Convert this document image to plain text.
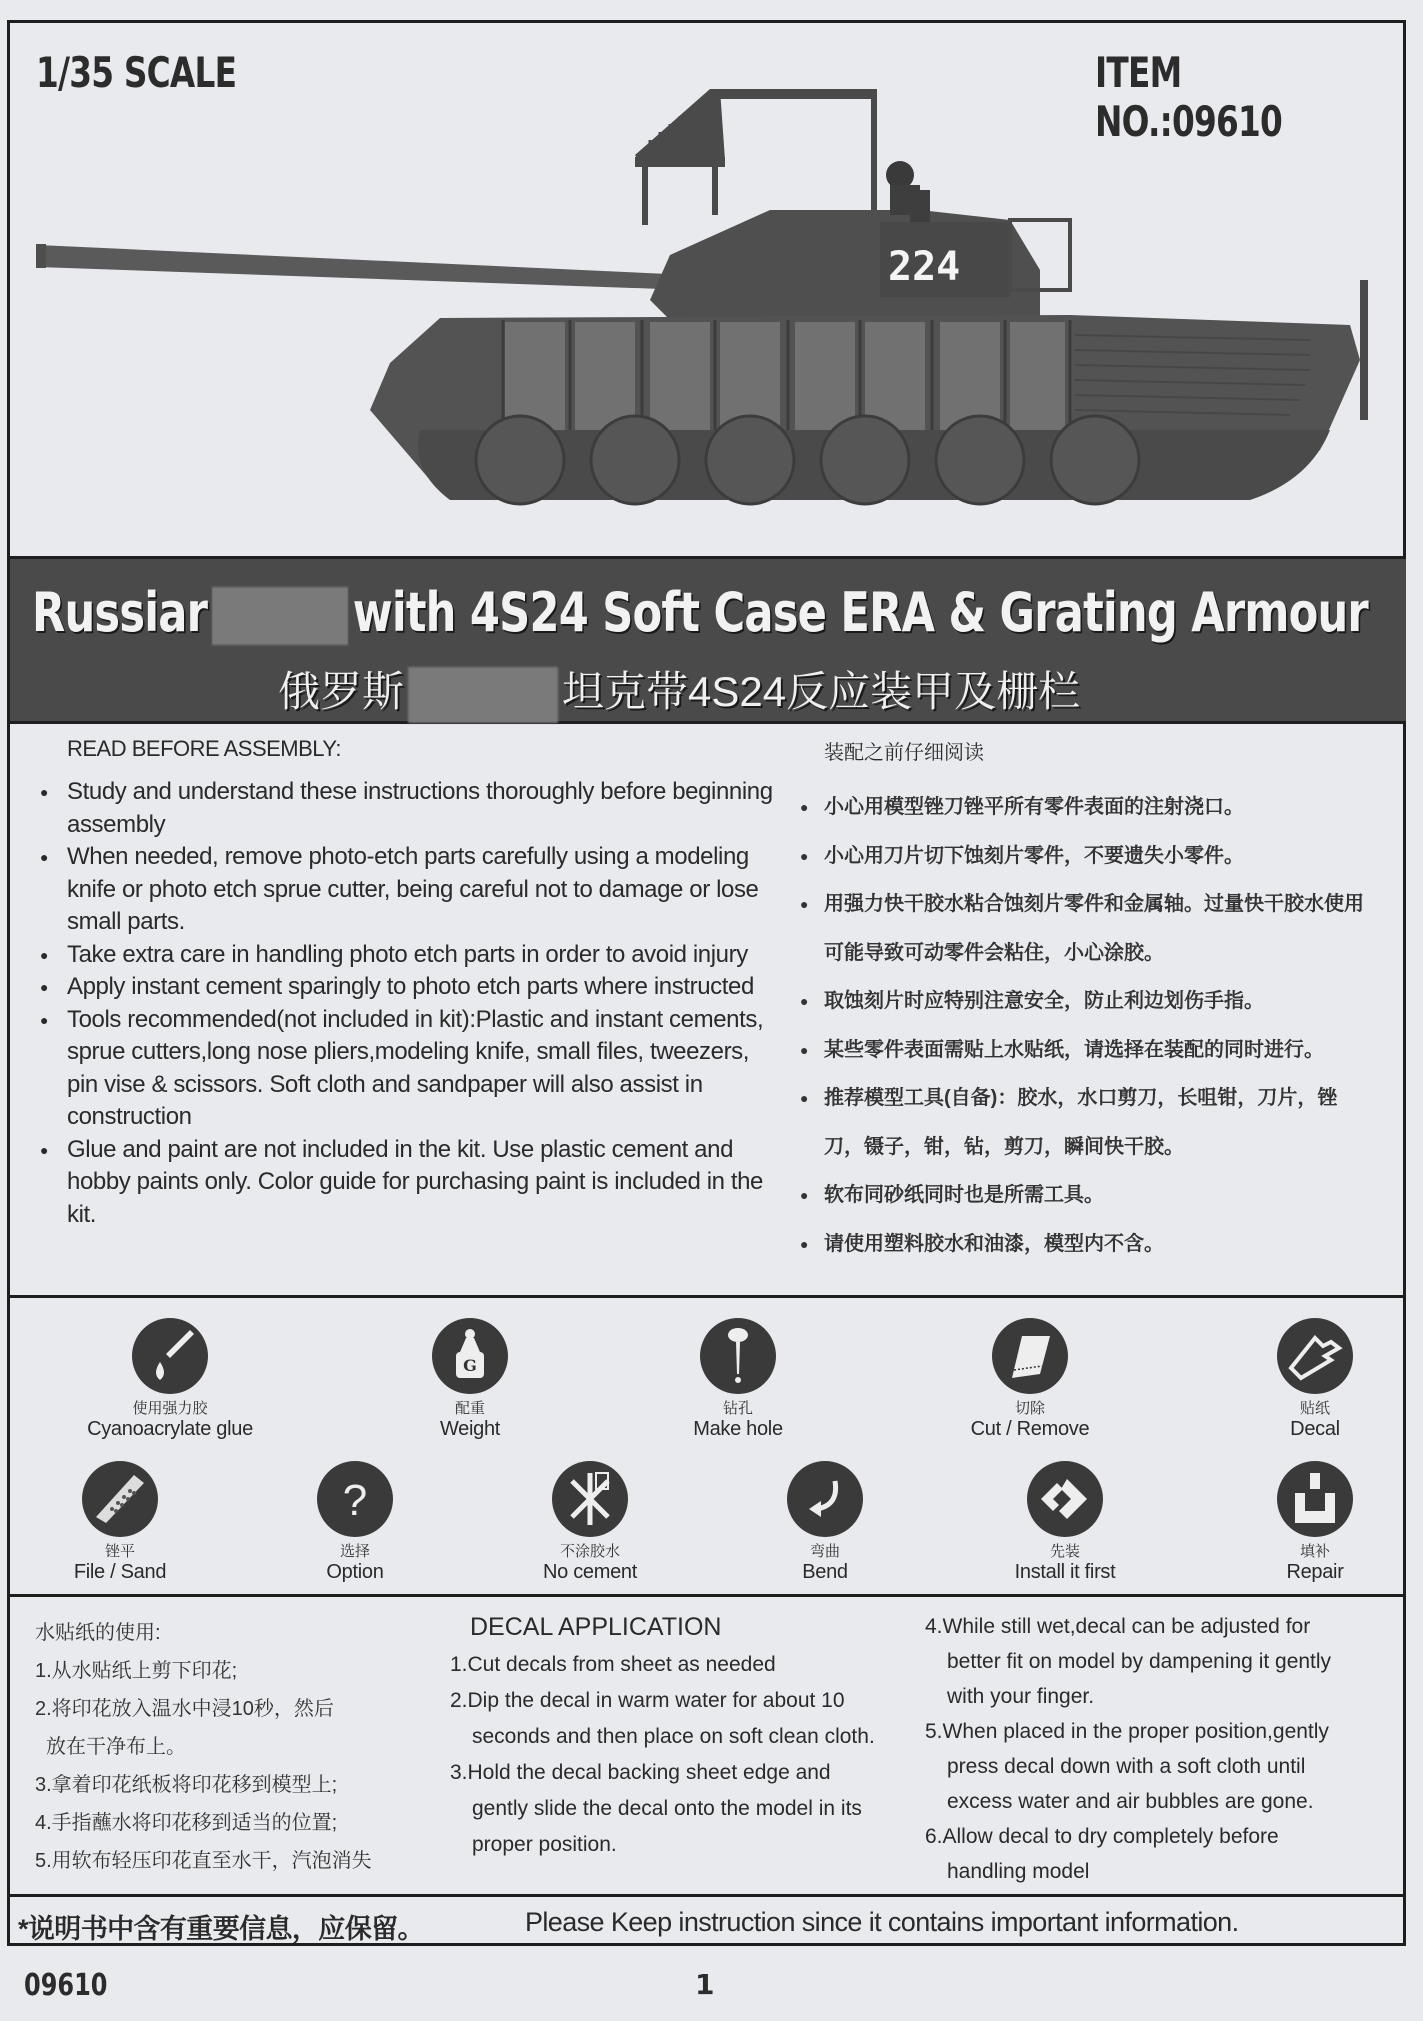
1/35 SCALE	ITEM NO.:09610
224
Russiar	with 4S24 Soft Case ERA & Grating Armour
俄罗斯	坦克带4S24反应装甲及栅栏
READ BEFORE ASSEMBLY:
● Study and understand these instructions thoroughly before beginning assembly
● When needed, remove photo-etch parts carefully using a modeling knife or photo etch sprue cutter, being careful not to damage or lose small parts.
● Take extra care in handling photo etch parts in order to avoid injury
● Apply instant cement sparingly to photo etch parts where instructed
● Tools recommended(not included in kit):Plastic and instant cements, sprue cutters,long nose pliers,modeling knife, small files, tweezers, pin vise & scissors. Soft cloth and sandpaper will also assist in construction
● Glue and paint are not included in the kit. Use plastic cement and hobby paints only. Color guide for purchasing paint is included in the kit.
装配之前仔细阅读
● 小心用模型锉刀锉平所有零件表面的注射浇口。
● 小心用刀片切下蚀刻片零件，不要遗失小零件。
● 用强力快干胶水粘合蚀刻片零件和金属轴。过量快干胶水使用可能导致可动零件会粘住，小心涂胶。
● 取蚀刻片时应特别注意安全，防止利边划伤手指。
● 某些零件表面需贴上水贴纸，请选择在装配的同时进行。
● 推荐模型工具(自备)：胶水，水口剪刀，长咀钳，刀片，锉刀，镊子，钳，钻，剪刀，瞬间快干胶。
● 软布同砂纸同时也是所需工具。
● 请使用塑料胶水和油漆，模型内不含。
使用强力胶
Cyanoacrylate glue
G
配重
Weight
钻孔
Make hole
切除
Cut / Remove
贴纸
Decal
锉平
File / Sand
?
选择
Option
不涂胶水
No cement
弯曲
Bend
先装
Install it first
填补
Repair
水贴纸的使用:
1.从水贴纸上剪下印花;
2.将印花放入温水中浸10秒，然后
放在干净布上。
3.拿着印花纸板将印花移到模型上;
4.手指蘸水将印花移到适当的位置;
5.用软布轻压印花直至水干，汽泡消失
DECAL APPLICATION
1.Cut decals from sheet as needed
2.Dip the decal in warm water for about 10
seconds and then place on soft clean cloth.
3.Hold the decal backing sheet edge and
gently slide the decal onto the model in its
proper position.
4.While still wet,decal can be adjusted for
better fit on model by dampening it gently
with your finger.
5.When placed in the proper position,gently
press decal down with a soft cloth until
excess water and air bubbles are gone.
6.Allow decal to dry completely before
handling model
*说明书中含有重要信息，应保留。	Please Keep instruction since it contains important information.
09610	1
